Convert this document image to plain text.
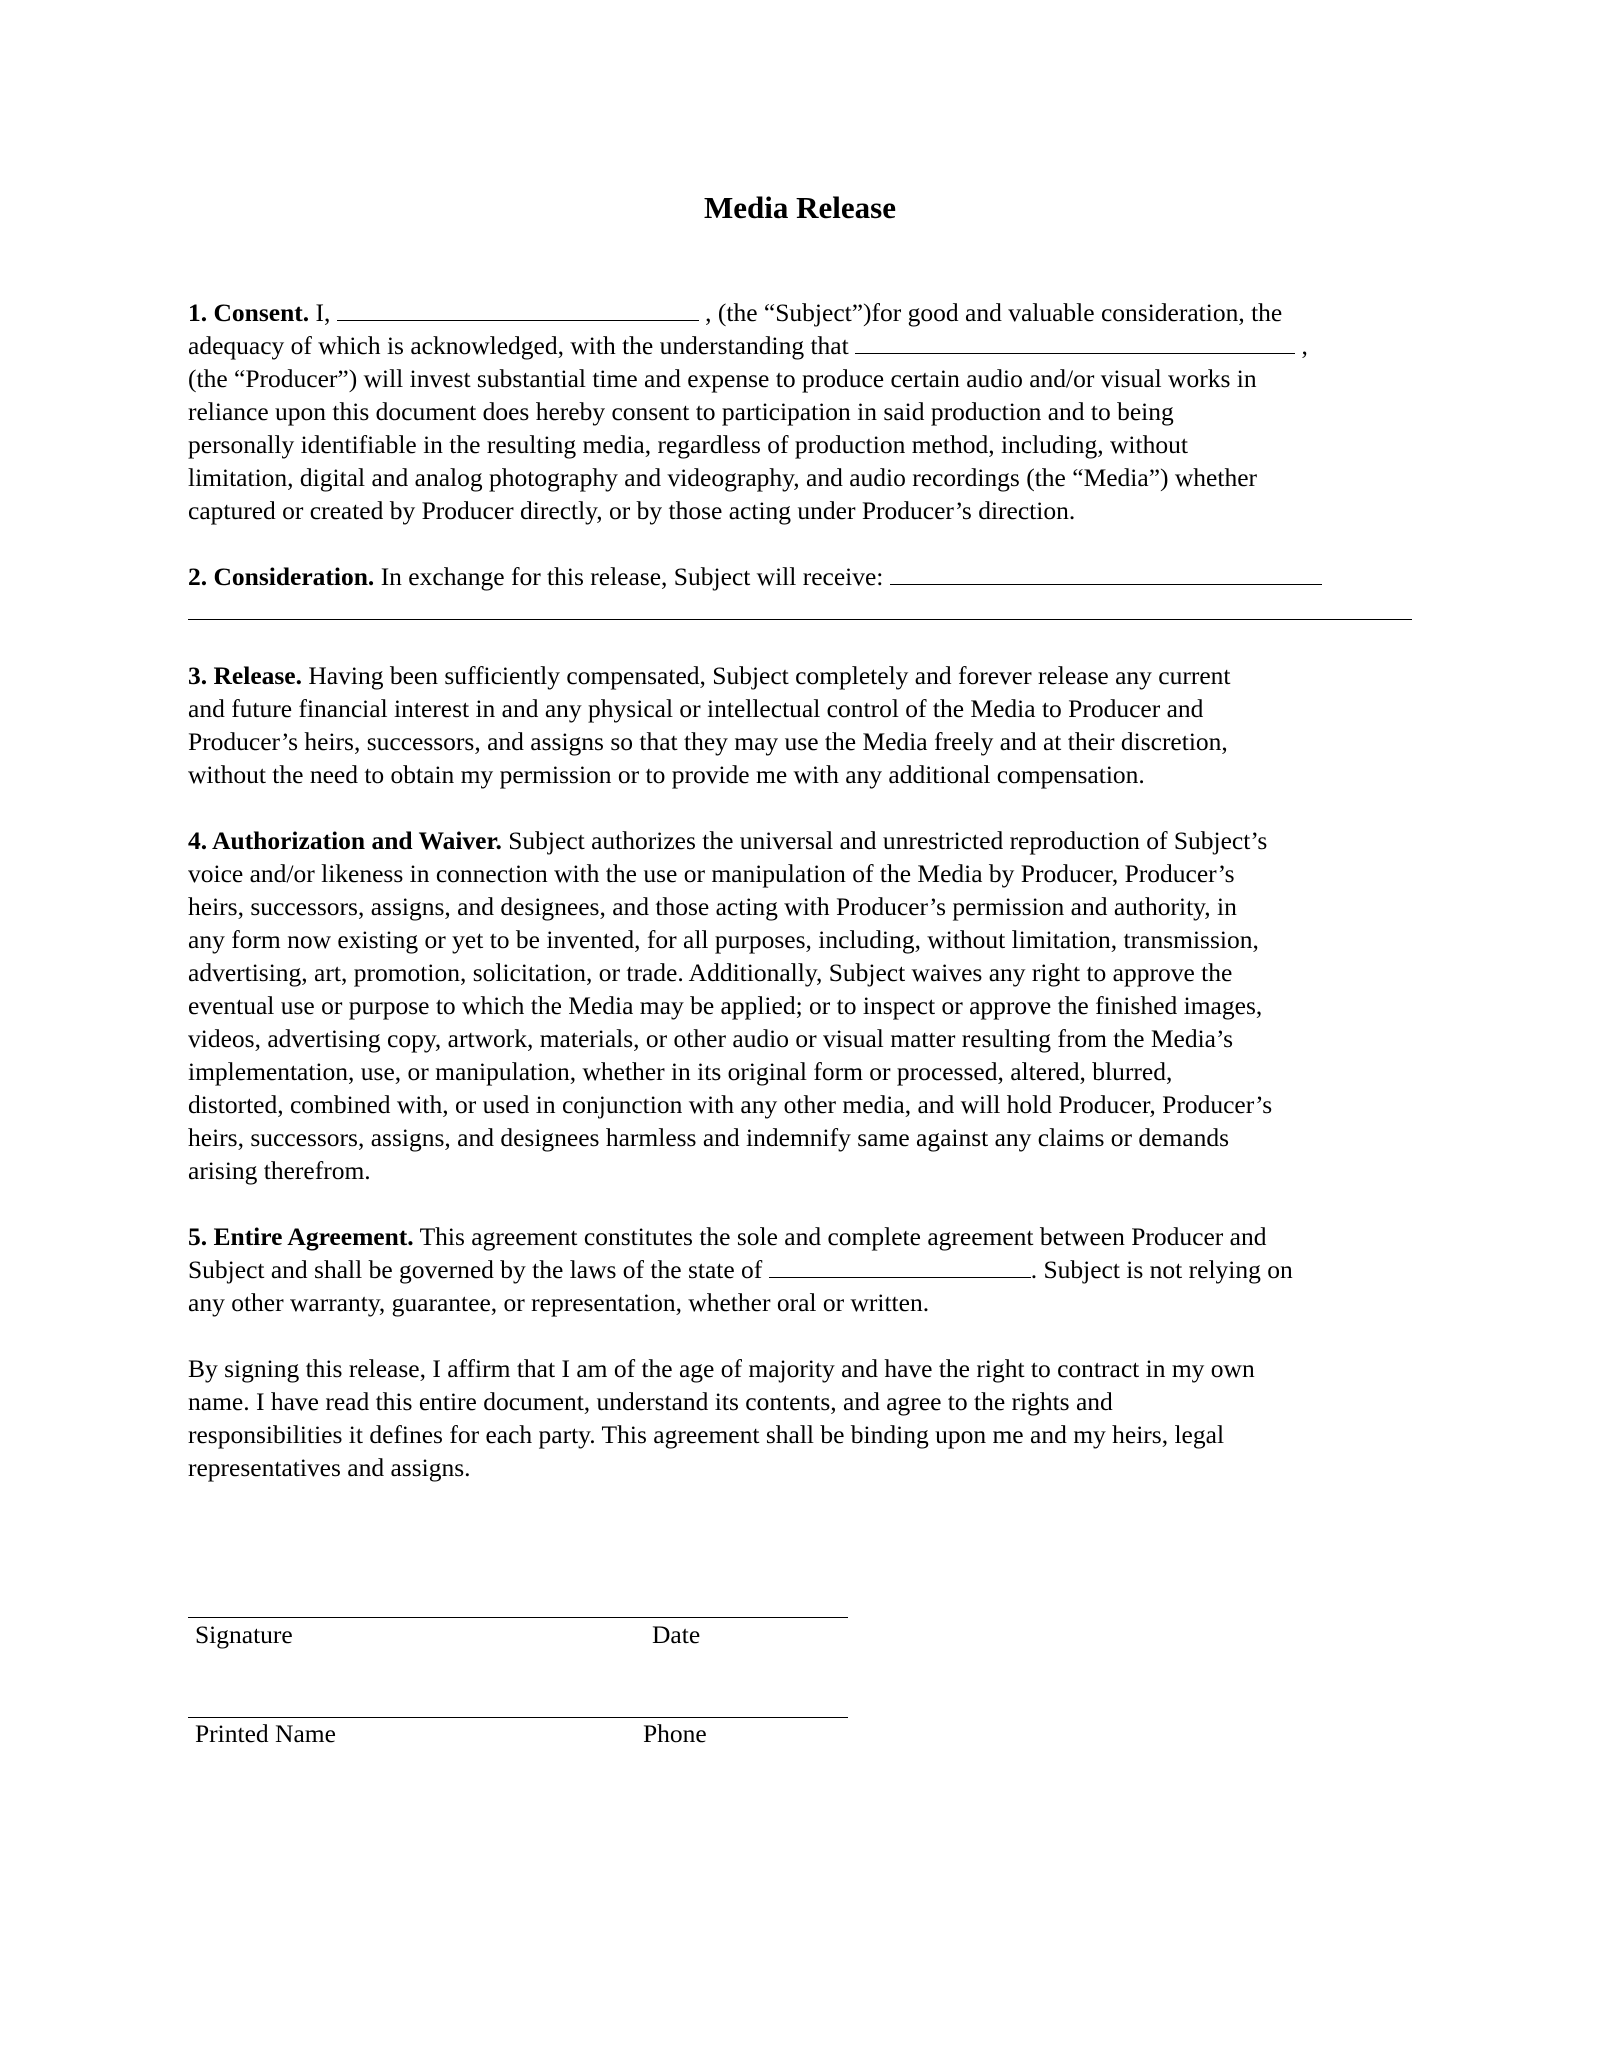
Media Release
1. Consent. I,	, (the “Subject”)for good and valuable consideration, the
adequacy of which is acknowledged, with the understanding that	,
(the “Producer”) will invest substantial time and expense to produce certain audio and/or visual works in
reliance upon this document does hereby consent to participation in said production and to being
personally identifiable in the resulting media, regardless of production method, including, without
limitation, digital and analog photography and videography, and audio recordings (the “Media”) whether
captured or created by Producer directly, or by those acting under Producer’s direction.
2. Consideration. In exchange for this release, Subject will receive:
3. Release. Having been sufficiently compensated, Subject completely and forever release any current
and future financial interest in and any physical or intellectual control of the Media to Producer and
Producer’s heirs, successors, and assigns so that they may use the Media freely and at their discretion,
without the need to obtain my permission or to provide me with any additional compensation.
4. Authorization and Waiver. Subject authorizes the universal and unrestricted reproduction of Subject’s
voice and/or likeness in connection with the use or manipulation of the Media by Producer, Producer’s
heirs, successors, assigns, and designees, and those acting with Producer’s permission and authority, in
any form now existing or yet to be invented, for all purposes, including, without limitation, transmission,
advertising, art, promotion, solicitation, or trade. Additionally, Subject waives any right to approve the
eventual use or purpose to which the Media may be applied; or to inspect or approve the finished images,
videos, advertising copy, artwork, materials, or other audio or visual matter resulting from the Media’s
implementation, use, or manipulation, whether in its original form or processed, altered, blurred,
distorted, combined with, or used in conjunction with any other media, and will hold Producer, Producer’s
heirs, successors, assigns, and designees harmless and indemnify same against any claims or demands
arising therefrom.
5. Entire Agreement. This agreement constitutes the sole and complete agreement between Producer and
Subject and shall be governed by the laws of the state of	. Subject is not relying on
any other warranty, guarantee, or representation, whether oral or written.
By signing this release, I affirm that I am of the age of majority and have the right to contract in my own
name. I have read this entire document, understand its contents, and agree to the rights and
responsibilities it defines for each party. This agreement shall be binding upon me and my heirs, legal
representatives and assigns.
Signature	Date
Printed Name	Phone
